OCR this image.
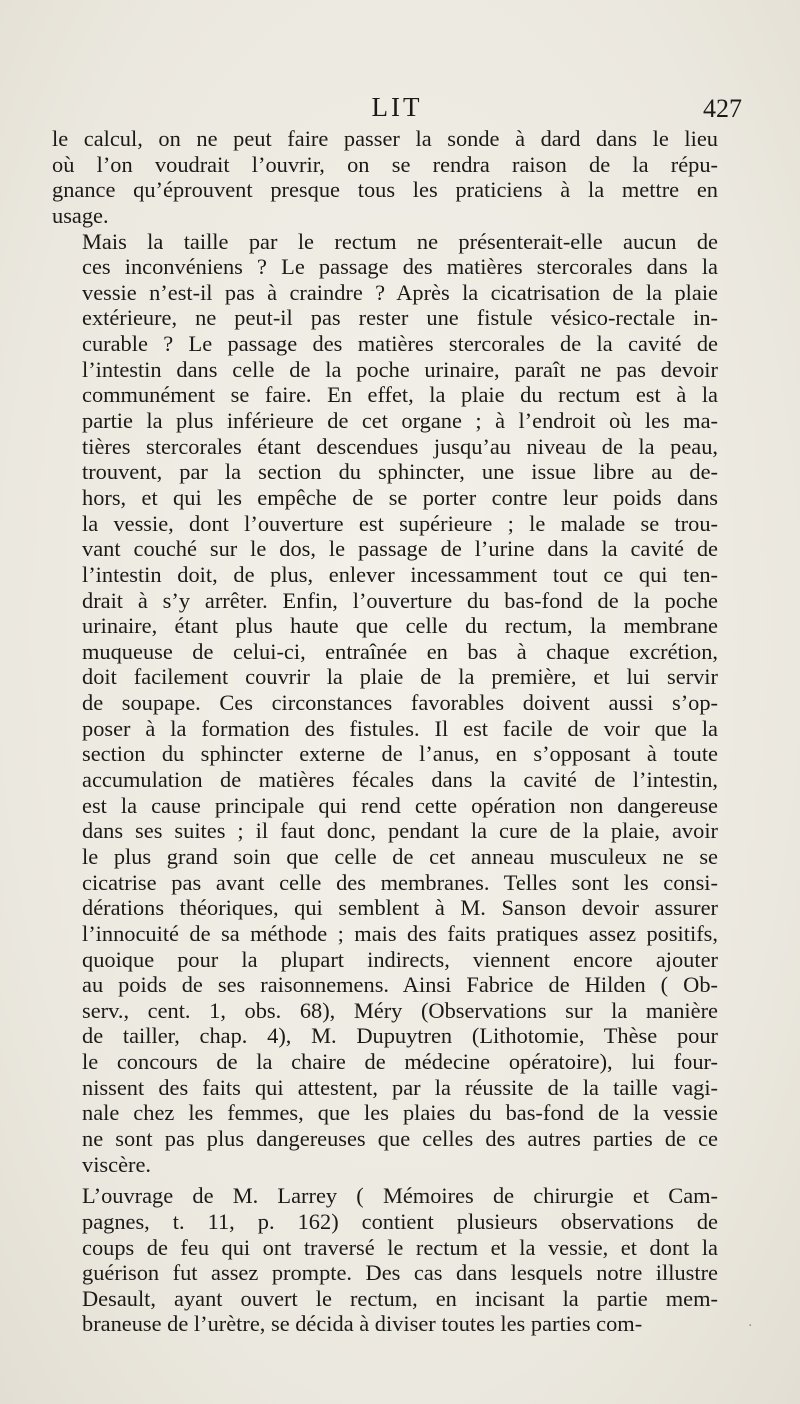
LIT	427

le calcul, on ne peut faire passer la sonde à dard dans le lieu
où l’on voudrait l’ouvrir, on se rendra raison de la répu-
gnance qu’éprouvent presque tous les praticiens à la mettre en
usage.

Mais la taille par le rectum ne présenterait-elle aucun de
ces inconvéniens ? Le passage des matières stercorales dans la
vessie n’est-il pas à craindre ? Après la cicatrisation de la plaie
extérieure, ne peut-il pas rester une fistule vésico-rectale in-
curable ? Le passage des matières stercorales de la cavité de
l’intestin dans celle de la poche urinaire, paraît ne pas devoir
communément se faire. En effet, la plaie du rectum est à la
partie la plus inférieure de cet organe ; à l’endroit où les ma-
tières stercorales étant descendues jusqu’au niveau de la peau,
trouvent, par la section du sphincter, une issue libre au de-
hors, et qui les empêche de se porter contre leur poids dans
la vessie, dont l’ouverture est supérieure ; le malade se trou-
vant couché sur le dos, le passage de l’urine dans la cavité de
l’intestin doit, de plus, enlever incessamment tout ce qui ten-
drait à s’y arrêter. Enfin, l’ouverture du bas-fond de la poche
urinaire, étant plus haute que celle du rectum, la membrane
muqueuse de celui-ci, entraînée en bas à chaque excrétion,
doit facilement couvrir la plaie de la première, et lui servir
de soupape. Ces circonstances favorables doivent aussi s’op-
poser à la formation des fistules. Il est facile de voir que la
section du sphincter externe de l’anus, en s’opposant à toute
accumulation de matières fécales dans la cavité de l’intestin,
est la cause principale qui rend cette opération non dangereuse
dans ses suites ; il faut donc, pendant la cure de la plaie, avoir
le plus grand soin que celle de cet anneau musculeux ne se
cicatrise pas avant celle des membranes. Telles sont les consi-
dérations théoriques, qui semblent à M. Sanson devoir assurer
l’innocuité de sa méthode ; mais des faits pratiques assez positifs,
quoique pour la plupart indirects, viennent encore ajouter
au poids de ses raisonnemens. Ainsi Fabrice de Hilden ( Ob-
serv., cent. 1, obs. 68), Méry (Observations sur la manière
de tailler, chap. 4), M. Dupuytren (Lithotomie, Thèse pour
le concours de la chaire de médecine opératoire), lui four-
nissent des faits qui attestent, par la réussite de la taille vagi-
nale chez les femmes, que les plaies du bas-fond de la vessie
ne sont pas plus dangereuses que celles des autres parties de ce
viscère.

L’ouvrage de M. Larrey ( Mémoires de chirurgie et Cam-
pagnes, t. 11, p. 162) contient plusieurs observations de
coups de feu qui ont traversé le rectum et la vessie, et dont la
guérison fut assez prompte. Des cas dans lesquels notre illustre
Desault, ayant ouvert le rectum, en incisant la partie mem-
braneuse de l’urètre, se décida à diviser toutes les parties com-	·
